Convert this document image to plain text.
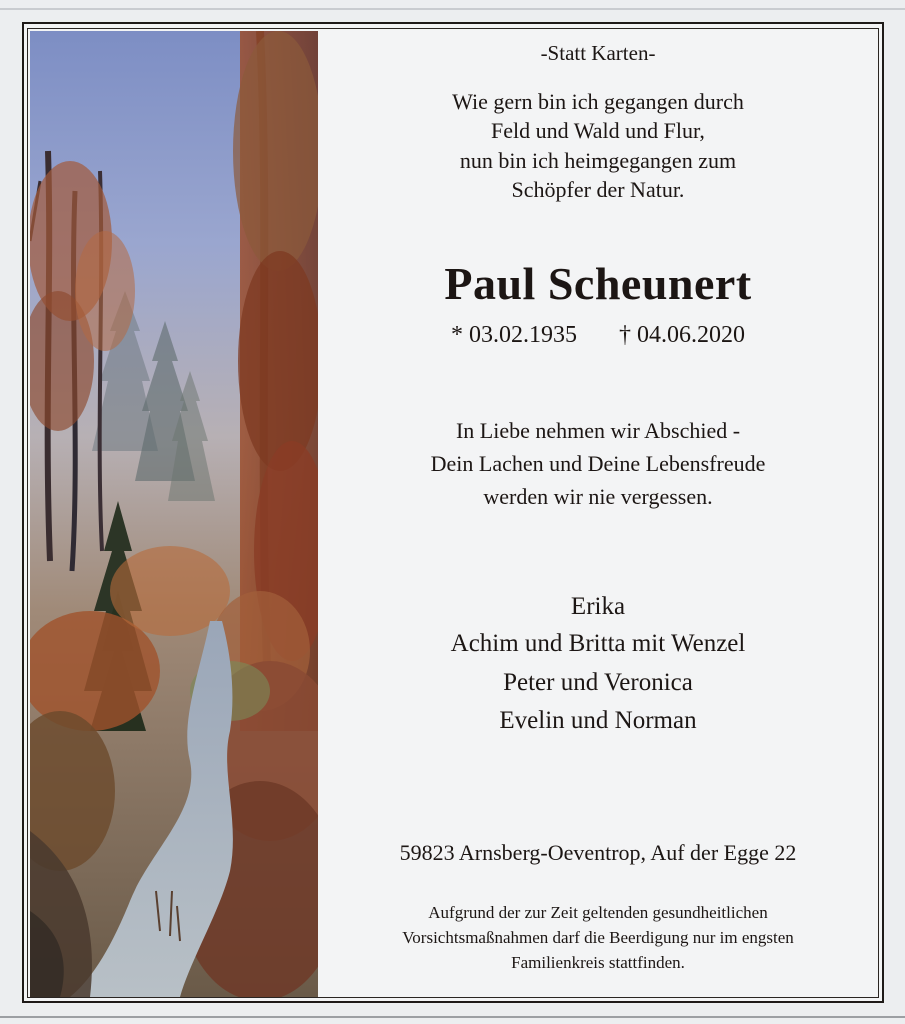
-Statt Karten-
Wie gern bin ich gegangen durch
Feld und Wald und Flur,
nun bin ich heimgegangen zum
Schöpfer der Natur.
Paul Scheunert
* 03.02.1935 † 04.06.2020
In Liebe nehmen wir Abschied -
Dein Lachen und Deine Lebensfreude
werden wir nie vergessen.
Erika
Achim und Britta mit Wenzel
Peter und Veronica
Evelin und Norman
59823 Arnsberg-Oeventrop, Auf der Egge 22
Aufgrund der zur Zeit geltenden gesundheitlichen
Vorsichtsmaßnahmen darf die Beerdigung nur im engsten
Familienkreis stattfinden.
